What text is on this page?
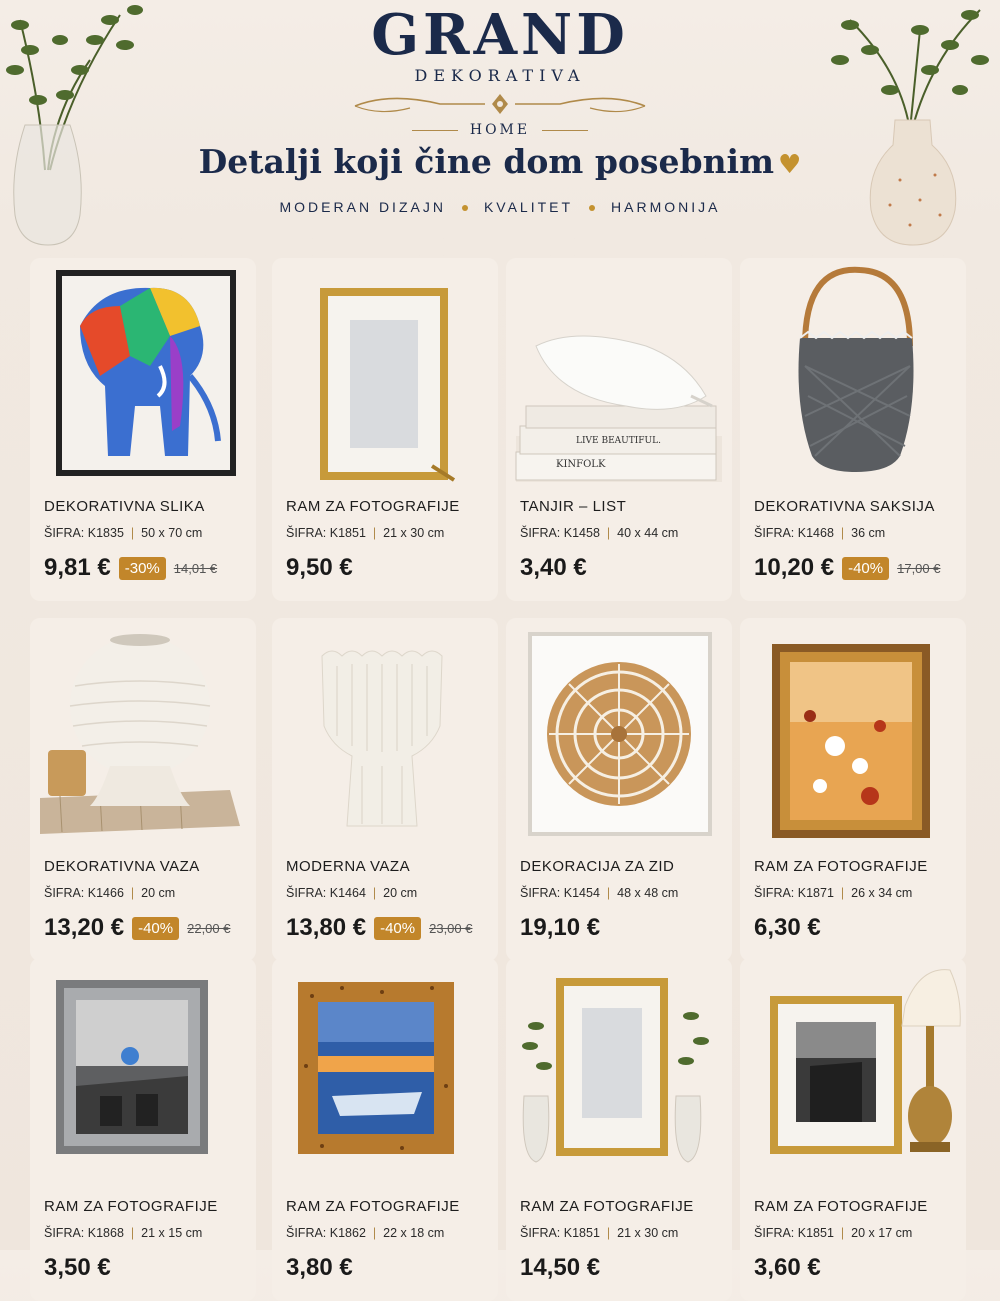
GRAND
DEKORATIVA
HOME
Detalji koji čine dom posebnim ♥
MODERAN DIZAJN	KVALITET	HARMONIJA
DEKORATIVNA SLIKA
ŠIFRA: K1835 | 50 x 70 cm
9,81 € -30% 14,01 €
RAM ZA FOTOGRAFIJE
ŠIFRA: K1851 | 21 x 30 cm
9,50 €
LIVE BEAUTIFUL.
KINFOLK
TANJIR – LIST
ŠIFRA: K1458 | 40 x 44 cm
3,40 €
DEKORATIVNA SAKSIJA
ŠIFRA: K1468 | 36 cm
10,20 € -40% 17,00 €
DEKORATIVNA VAZA
ŠIFRA: K1466 | 20 cm
13,20 € -40% 22,00 €
MODERNA VAZA
ŠIFRA: K1464 | 20 cm
13,80 € -40% 23,00 €
DEKORACIJA ZA ZID
ŠIFRA: K1454 | 48 x 48 cm
19,10 €
RAM ZA FOTOGRAFIJE
ŠIFRA: K1871 | 26 x 34 cm
6,30 €
RAM ZA FOTOGRAFIJE
ŠIFRA: K1868 | 21 x 15 cm
3,50 €
RAM ZA FOTOGRAFIJE
ŠIFRA: K1862 | 22 x 18 cm
3,80 €
RAM ZA FOTOGRAFIJE
ŠIFRA: K1851 | 21 x 30 cm
14,50 €
RAM ZA FOTOGRAFIJE
ŠIFRA: K1851 | 20 x 17 cm
3,60 €
